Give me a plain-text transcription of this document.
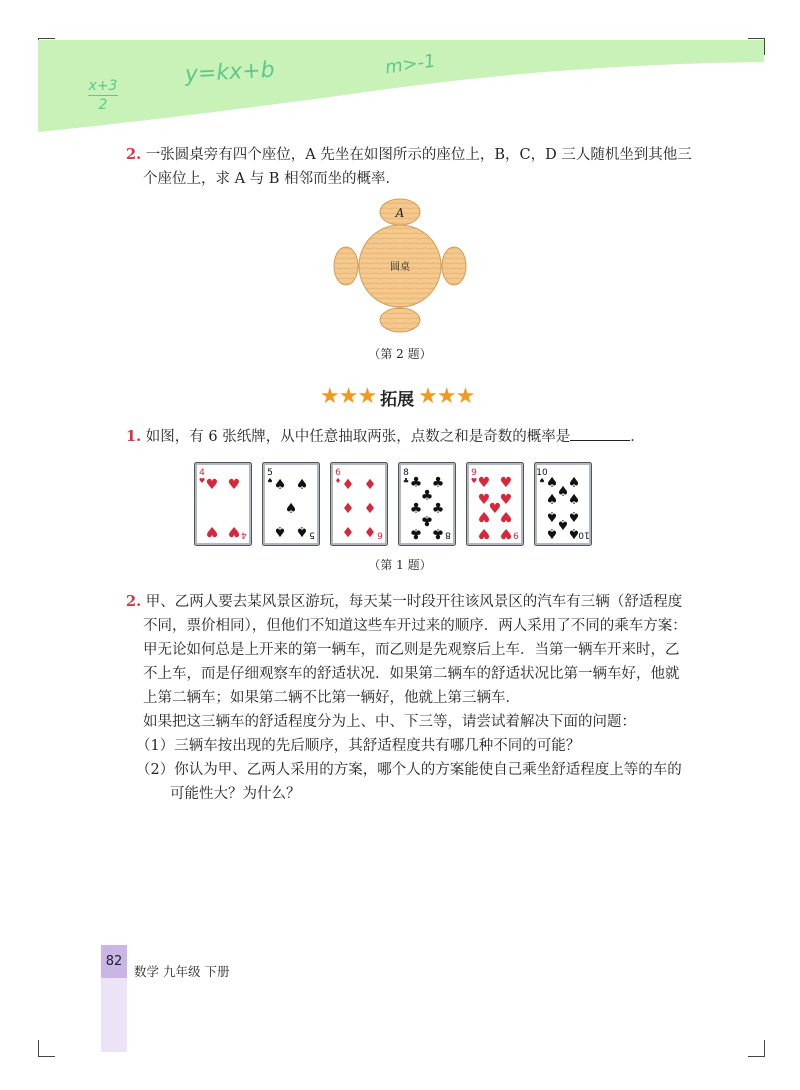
x+3
2
y=kx+b	m>-1
2. 一张圆桌旁有四个座位，A 先坐在如图所示的座位上，B，C，D 三人随机坐到其他三
个座位上，求 A 与 B 相邻而坐的概率．
A
圆桌
（第 2 题）
★★★ 拓展 ★★★
1. 如图，有 6 张纸牌，从中任意抽取两张，点数之和是奇数的概率是	．
4
♥
4
♥ ♥
♥ ♥
5
♠
5
♠ ♠
♠
♠ ♠
6
♦
6
♦ ♦
♦ ♦
♦ ♦
8
♣
8
♣ ♣
♣
♣ ♣
♣
♣ ♣
9
♥
9
♥ ♥
♥ ♥
♥
♥ ♥
♥ ♥
10
♠
10
♠ ♠
♠
♠ ♠
♠ ♠
♠
♠ ♠
（第 1 题）
2. 甲、乙两人要去某风景区游玩，每天某一时段开往该风景区的汽车有三辆（舒适程度
不同，票价相同），但他们不知道这些车开过来的顺序．两人采用了不同的乘车方案：
甲无论如何总是上开来的第一辆车，而乙则是先观察后上车．当第一辆车开来时，乙
不上车，而是仔细观察车的舒适状况．如果第二辆车的舒适状况比第一辆车好，他就
上第二辆车；如果第二辆不比第一辆好，他就上第三辆车．
如果把这三辆车的舒适程度分为上、中、下三等，请尝试着解决下面的问题：
（1）三辆车按出现的先后顺序，其舒适程度共有哪几种不同的可能？
（2）你认为甲、乙两人采用的方案，哪个人的方案能使自己乘坐舒适程度上等的车的
可能性大？为什么？
82
数学 九年级 下册
